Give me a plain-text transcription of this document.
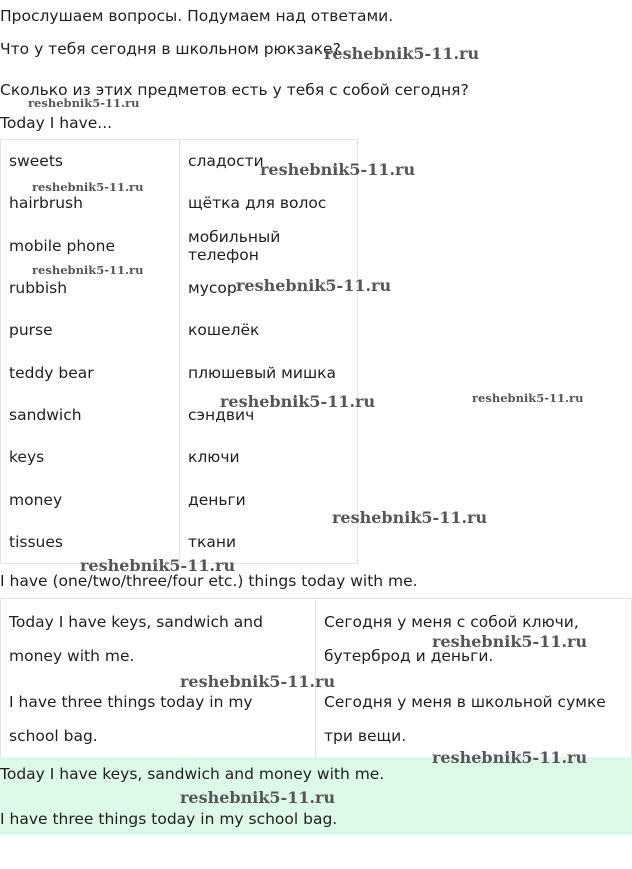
Прослушаем вопросы. Подумаем над ответами.
Что у тебя сегодня в школьном рюкзаке?
Сколько из этих предметов есть у тебя с собой сегодня?
Today I have...
sweets	сладости
hairbrush	щётка для волос
mobile phone	мобильный телефон
rubbish	мусор
purse	кошелёк
teddy bear	плюшевый мишка
sandwich	сэндвич
keys	ключи
money	деньги
tissues	ткани
I have (one/two/three/four etc.) things today with me.
Today I have keys, sandwich and money with me.	Сегодня у меня с собой ключи, бутерброд и деньги.
I have three things today in my school bag.	Сегодня у меня в школьной сумке три вещи.
Today I have keys, sandwich and money with me.
I have three things today in my school bag.
reshebnik5-11.ru
reshebnik5-11.ru
reshebnik5-11.ru
reshebnik5-11.ru
reshebnik5-11.ru
reshebnik5-11.ru
reshebnik5-11.ru	reshebnik5-11.ru
reshebnik5-11.ru
reshebnik5-11.ru
reshebnik5-11.ru
reshebnik5-11.ru
reshebnik5-11.ru
reshebnik5-11.ru
